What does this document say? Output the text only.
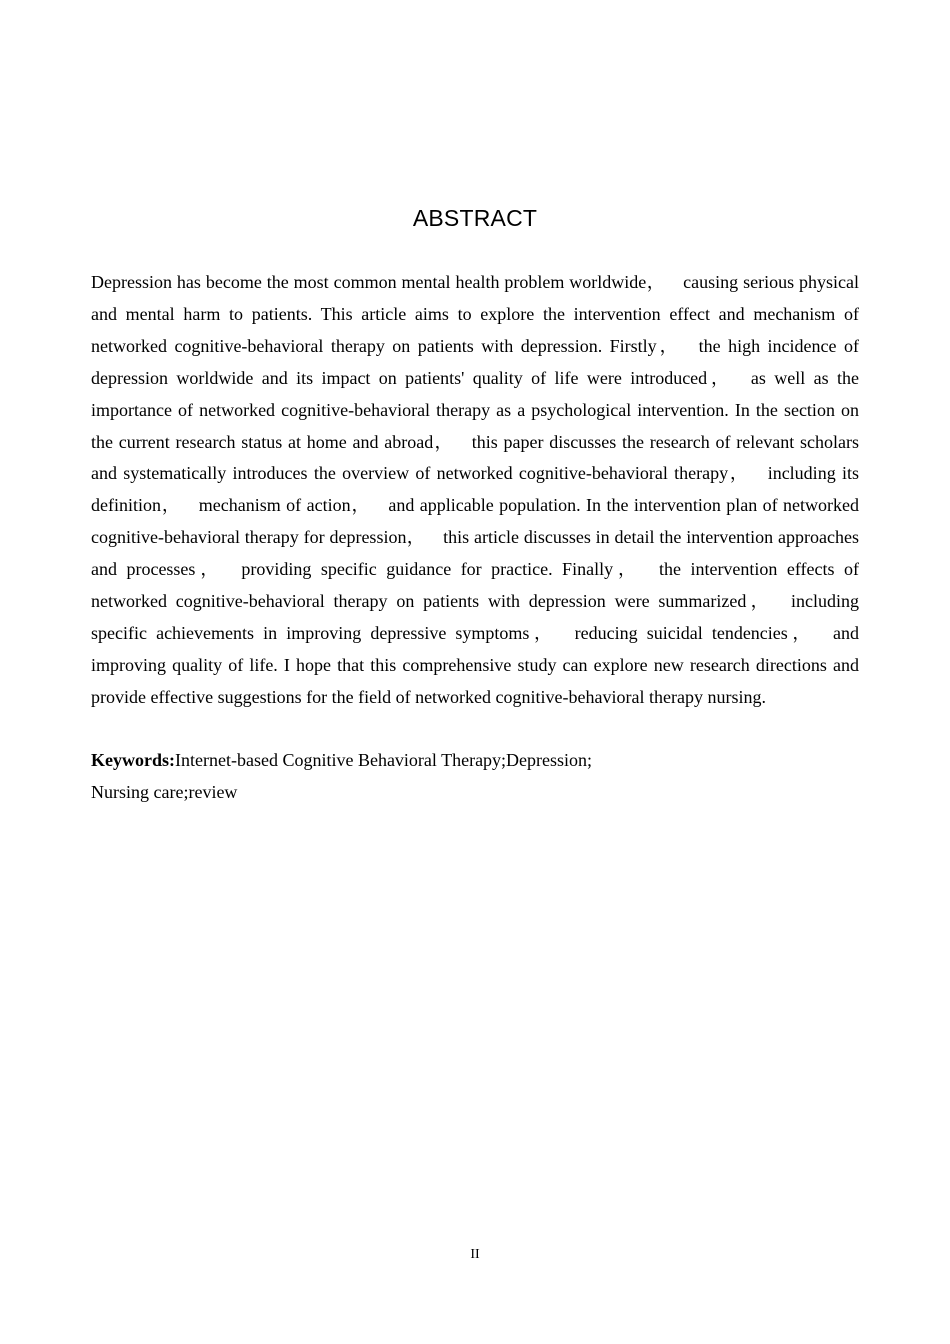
ABSTRACT

Depression has become the most common mental health problem worldwide， causing serious physical and mental harm to patients. This article aims to explore the intervention effect and mechanism of networked cognitive-behavioral therapy on patients with depression. Firstly， the high incidence of depression worldwide and its impact on patients' quality of life were introduced， as well as the importance of networked cognitive-behavioral therapy as a psychological intervention. In the section on the current research status at home and abroad， this paper discusses the research of relevant scholars and systematically introduces the overview of networked cognitive-behavioral therapy， including its definition， mechanism of action， and applicable population. In the intervention plan of networked cognitive-behavioral therapy for depression， this article discusses in detail the intervention approaches and processes， providing specific guidance for practice. Finally， the intervention effects of networked cognitive-behavioral therapy on patients with depression were summarized， including specific achievements in improving depressive symptoms， reducing suicidal tendencies， and improving quality of life. I hope that this comprehensive study can explore new research directions and provide effective suggestions for the field of networked cognitive-behavioral therapy nursing.

Keywords:Internet-based Cognitive Behavioral Therapy;Depression;
Nursing care;review

II
